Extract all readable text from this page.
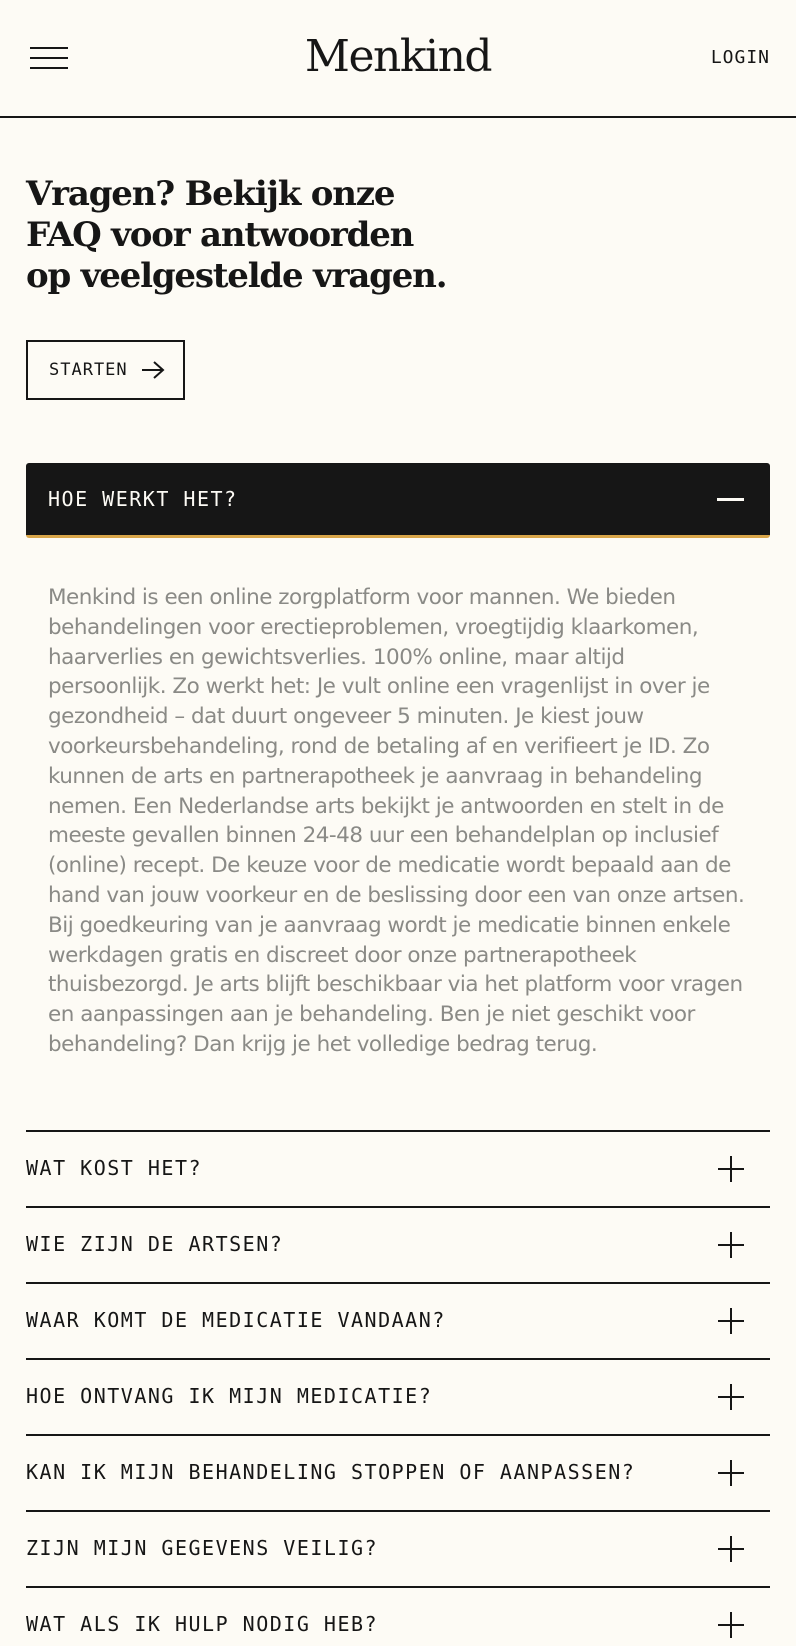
Menkind	LOGIN
Vragen? Bekijk onze FAQ voor antwoorden op veelgestelde vragen.
STARTEN
HOE WERKT HET?

Menkind is een online zorgplatform voor mannen. We bieden behandelingen voor erectieproblemen, vroegtijdig klaarkomen, haarverlies en gewichtsverlies. 100% online, maar altijd persoonlijk. Zo werkt het: Je vult online een vragenlijst in over je gezondheid – dat duurt ongeveer 5 minuten. Je kiest jouw voorkeursbehandeling, rond de betaling af en verifieert je ID. Zo kunnen de arts en partnerapotheek je aanvraag in behandeling nemen. Een Nederlandse arts bekijkt je antwoorden en stelt in de meeste gevallen binnen 24-48 uur een behandelplan op inclusief (online) recept. De keuze voor de medicatie wordt bepaald aan de hand van jouw voorkeur en de beslissing door een van onze artsen. Bij goedkeuring van je aanvraag wordt je medicatie binnen enkele werkdagen gratis en discreet door onze partnerapotheek thuisbezorgd. Je arts blijft beschikbaar via het platform voor vragen en aanpassingen aan je behandeling. Ben je niet geschikt voor behandeling? Dan krijg je het volledige bedrag terug.

WAT KOST HET?
WIE ZIJN DE ARTSEN?
WAAR KOMT DE MEDICATIE VANDAAN?
HOE ONTVANG IK MIJN MEDICATIE?
KAN IK MIJN BEHANDELING STOPPEN OF AANPASSEN?
ZIJN MIJN GEGEVENS VEILIG?
WAT ALS IK HULP NODIG HEB?
